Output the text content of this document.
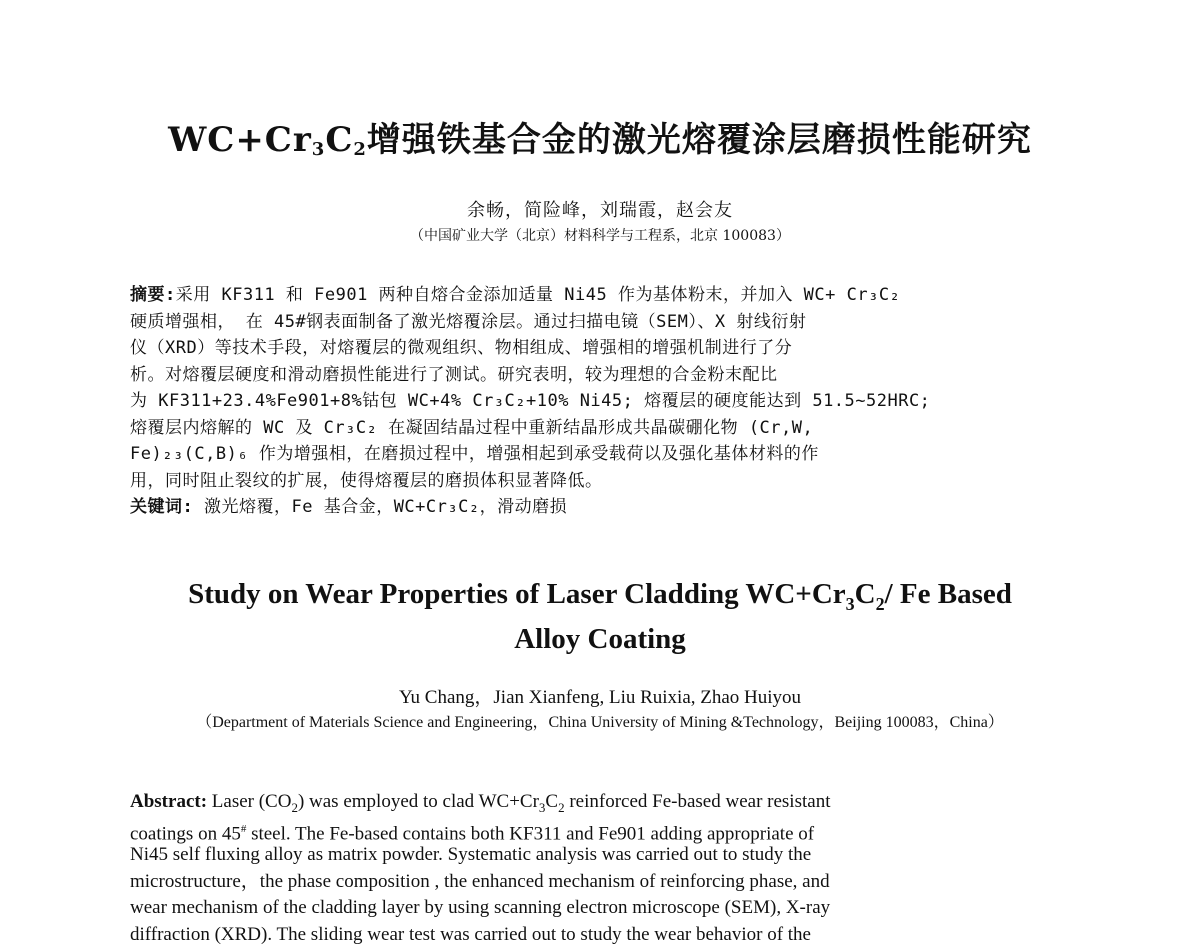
$WC+Cr_3C_2$增强铁基合金的激光熔覆涂层磨损性能研究
余畅，简险峰，刘瑞霞，赵会友
（中国矿业大学（北京）材料科学与工程系，北京 100083）
摘要:采用 KF311 和 Fe901 两种自熔合金添加适量 Ni45 作为基体粉末，并加入 WC+ Cr₃C₂
硬质增强相， 在 45#钢表面制备了激光熔覆涂层。通过扫描电镜（SEM）、X 射线衍射
仪（XRD）等技术手段，对熔覆层的微观组织、物相组成、增强相的增强机制进行了分
析。对熔覆层硬度和滑动磨损性能进行了测试。研究表明，较为理想的合金粉末配比
为 KF311+23.4%Fe901+8%钴包 WC+4% Cr₃C₂+10% Ni45; 熔覆层的硬度能达到 51.5~52HRC;
熔覆层内熔解的 WC 及 Cr₃C₂ 在凝固结晶过程中重新结晶形成共晶碳硼化物 (Cr,W,
Fe)₂₃(C,B)₆ 作为增强相，在磨损过程中，增强相起到承受载荷以及强化基体材料的作
用，同时阻止裂纹的扩展，使得熔覆层的磨损体积显著降低。
关键词: 激光熔覆，Fe 基合金，WC+Cr₃C₂，滑动磨损
Study on Wear Properties of Laser Cladding $WC+Cr_3C_2/$ Fe Based
Alloy Coating
Yu Chang，Jian Xianfeng, Liu Ruixia, Zhao Huiyou
（Department of Materials Science and Engineering，China University of Mining &Technology，Beijing 100083，China）
Abstract: Laser $(CO_2)$ was employed to clad $WC+Cr_3C_2$ reinforced Fe-based wear resistant
coatings on 45# steel. The Fe-based contains both KF311 and Fe901 adding appropriate of
Ni45 self fluxing alloy as matrix powder. Systematic analysis was carried out to study the
microstructure，the phase composition , the enhanced mechanism of reinforcing phase, and
wear mechanism of the cladding layer by using scanning electron microscope (SEM), X-ray
diffraction (XRD). The sliding wear test was carried out to study the wear behavior of the
